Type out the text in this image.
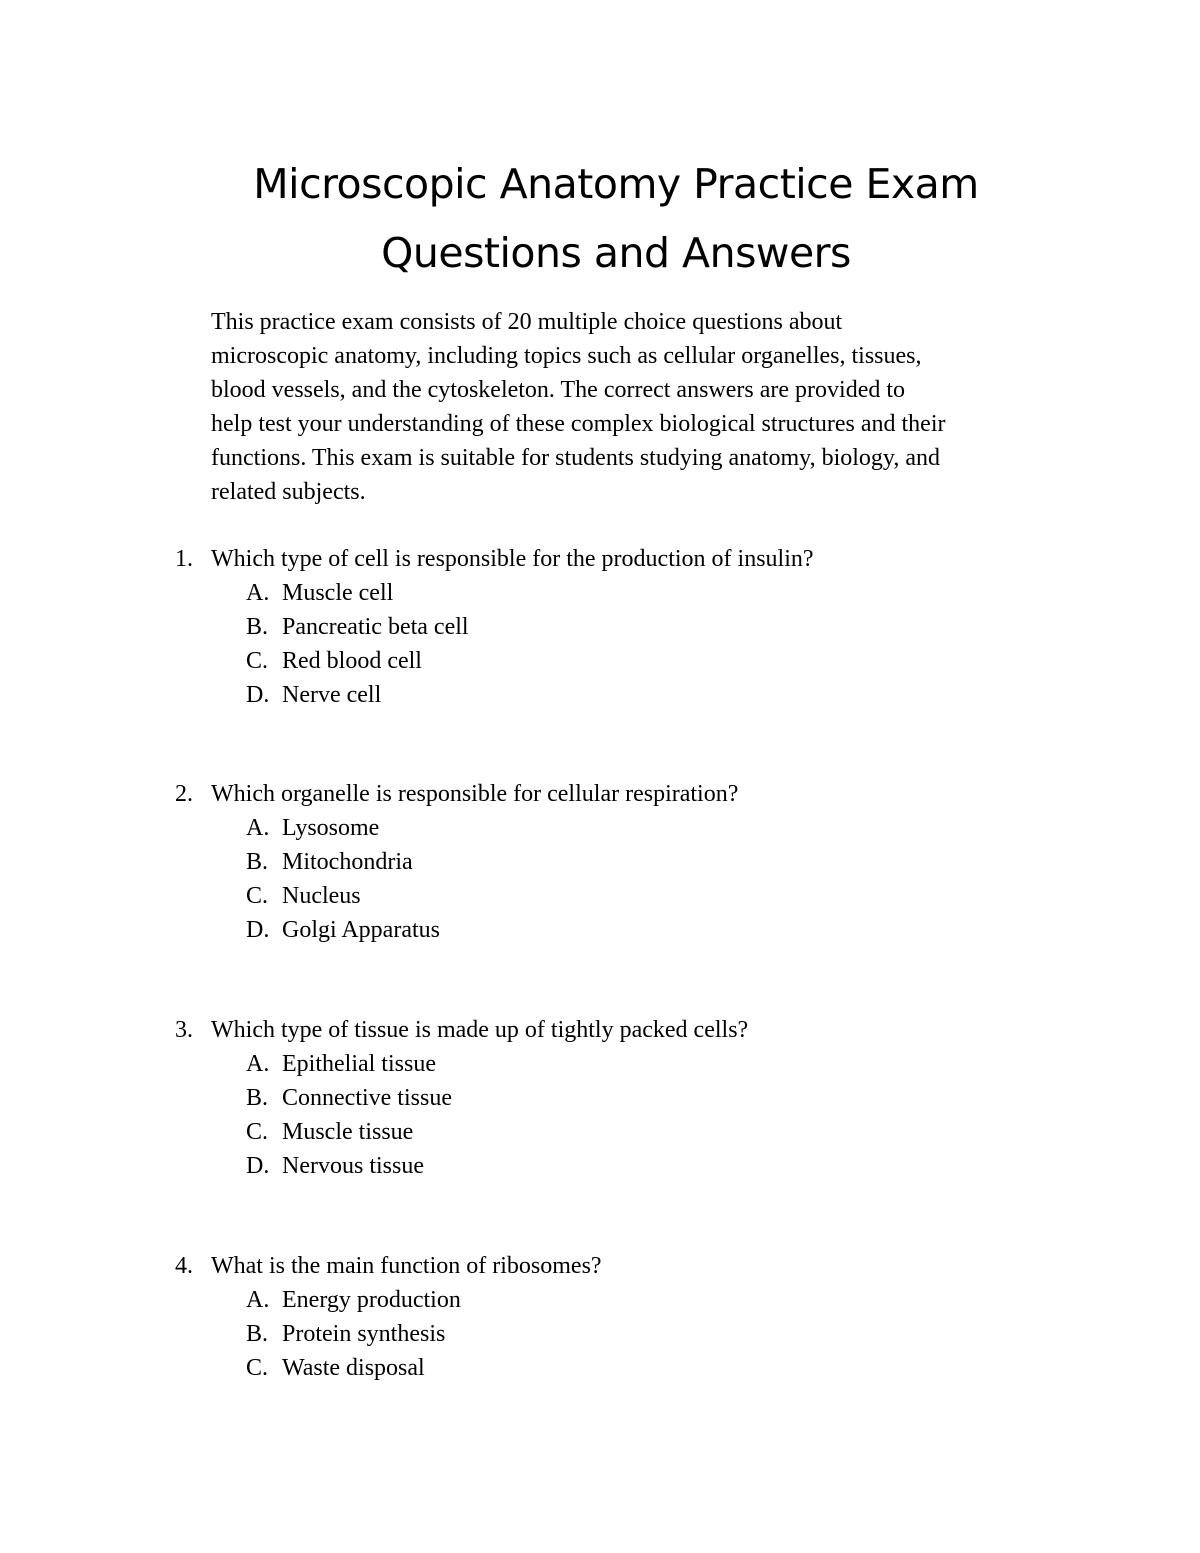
Microscopic Anatomy Practice Exam
Questions and Answers
This practice exam consists of 20 multiple choice questions about
microscopic anatomy, including topics such as cellular organelles, tissues,
blood vessels, and the cytoskeleton. The correct answers are provided to
help test your understanding of these complex biological structures and their
functions. This exam is suitable for students studying anatomy, biology, and
related subjects.
1. Which type of cell is responsible for the production of insulin?
A. Muscle cell
B. Pancreatic beta cell
C. Red blood cell
D. Nerve cell
2. Which organelle is responsible for cellular respiration?
A. Lysosome
B. Mitochondria
C. Nucleus
D. Golgi Apparatus
3. Which type of tissue is made up of tightly packed cells?
A. Epithelial tissue
B. Connective tissue
C. Muscle tissue
D. Nervous tissue
4. What is the main function of ribosomes?
A. Energy production
B. Protein synthesis
C. Waste disposal
